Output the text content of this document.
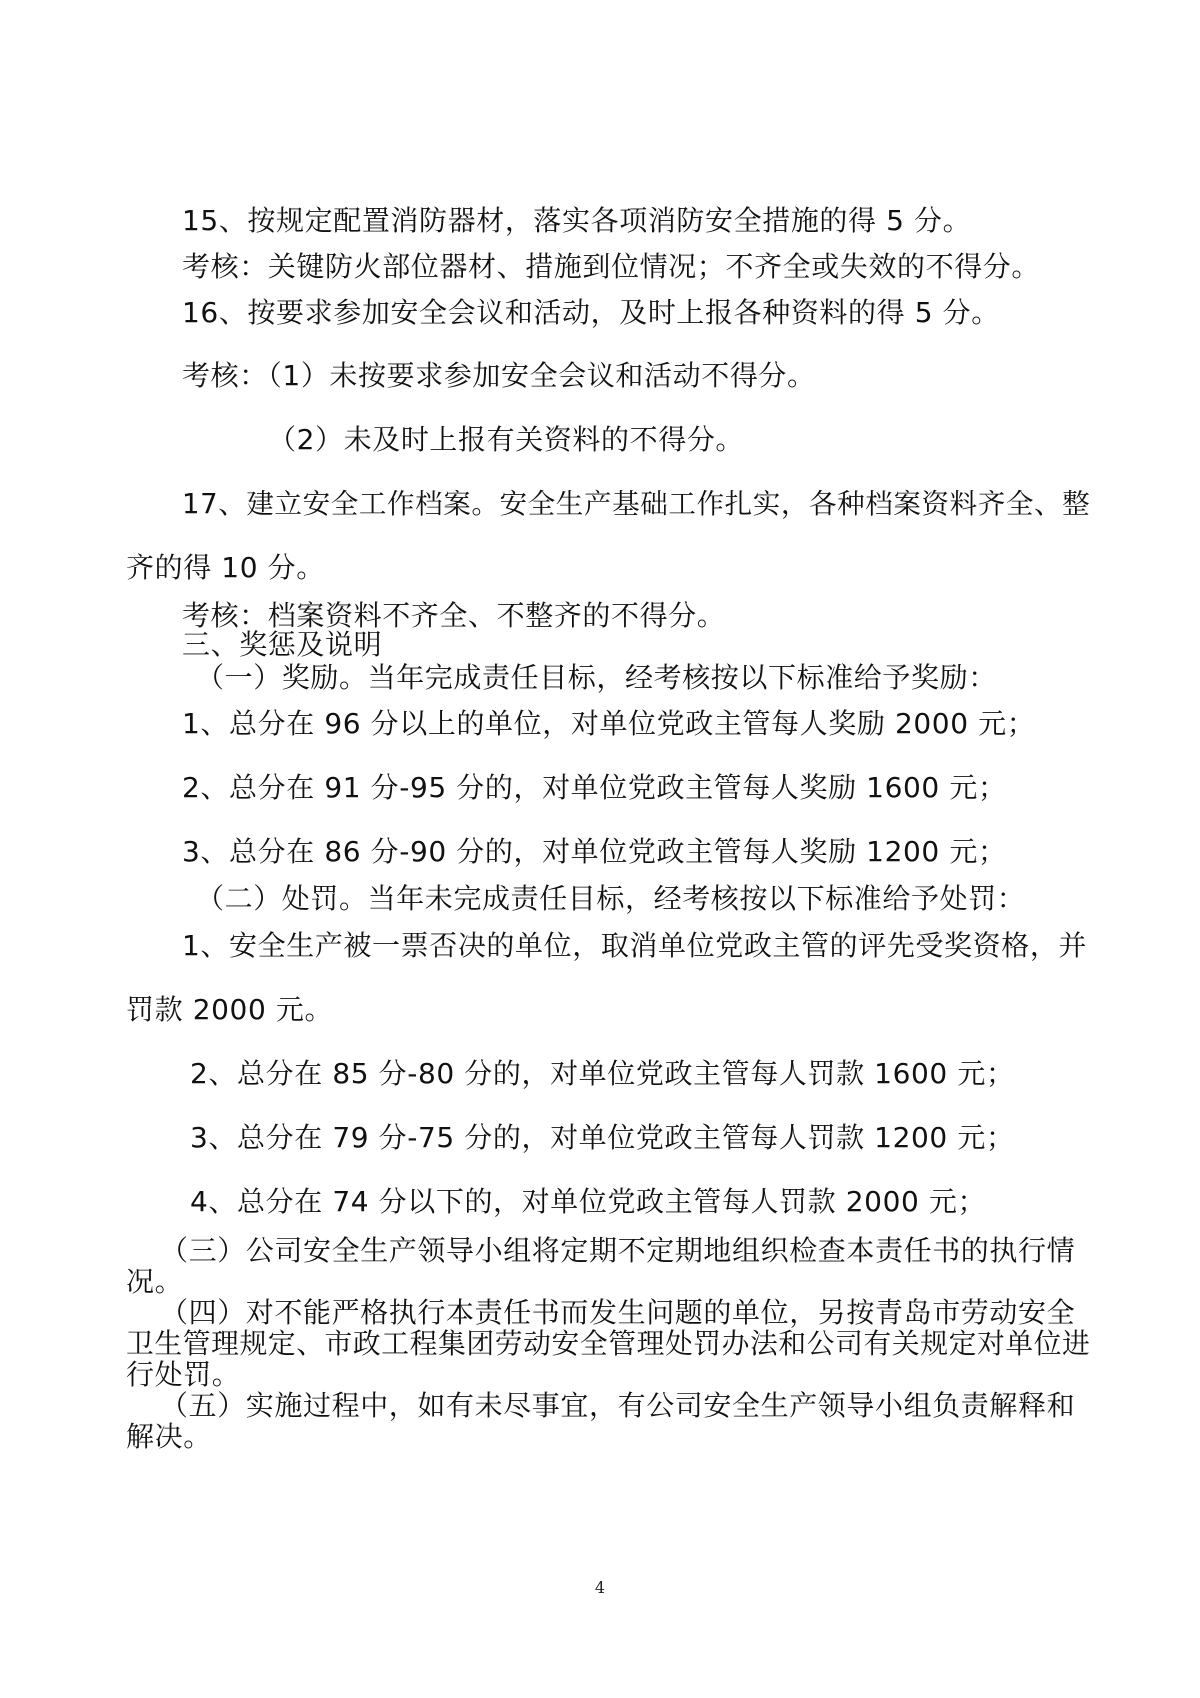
15、按规定配置消防器材，落实各项消防安全措施的得 5 分。
考核：关键防火部位器材、措施到位情况；不齐全或失效的不得分。
16、按要求参加安全会议和活动，及时上报各种资料的得 5 分。
考核：（1）未按要求参加安全会议和活动不得分。
（2）未及时上报有关资料的不得分。
17、建立安全工作档案。安全生产基础工作扎实，各种档案资料齐全、整
齐的得 10 分。
考核：档案资料不齐全、不整齐的不得分。
三、奖惩及说明
（一）奖励。当年完成责任目标，经考核按以下标准给予奖励：
1、总分在 96 分以上的单位，对单位党政主管每人奖励 2000 元；
2、总分在 91 分-95 分的，对单位党政主管每人奖励 1600 元；
3、总分在 86 分-90 分的，对单位党政主管每人奖励 1200 元；
（二）处罚。当年未完成责任目标，经考核按以下标准给予处罚：
1、安全生产被一票否决的单位，取消单位党政主管的评先受奖资格，并
罚款 2000 元。
2、总分在 85 分-80 分的，对单位党政主管每人罚款 1600 元；
3、总分在 79 分-75 分的，对单位党政主管每人罚款 1200 元；
4、总分在 74 分以下的，对单位党政主管每人罚款 2000 元；
（三）公司安全生产领导小组将定期不定期地组织检查本责任书的执行情
况。
（四）对不能严格执行本责任书而发生问题的单位，另按青岛市劳动安全
卫生管理规定、市政工程集团劳动安全管理处罚办法和公司有关规定对单位进
行处罚。
（五）实施过程中，如有未尽事宜，有公司安全生产领导小组负责解释和
解决。
4
